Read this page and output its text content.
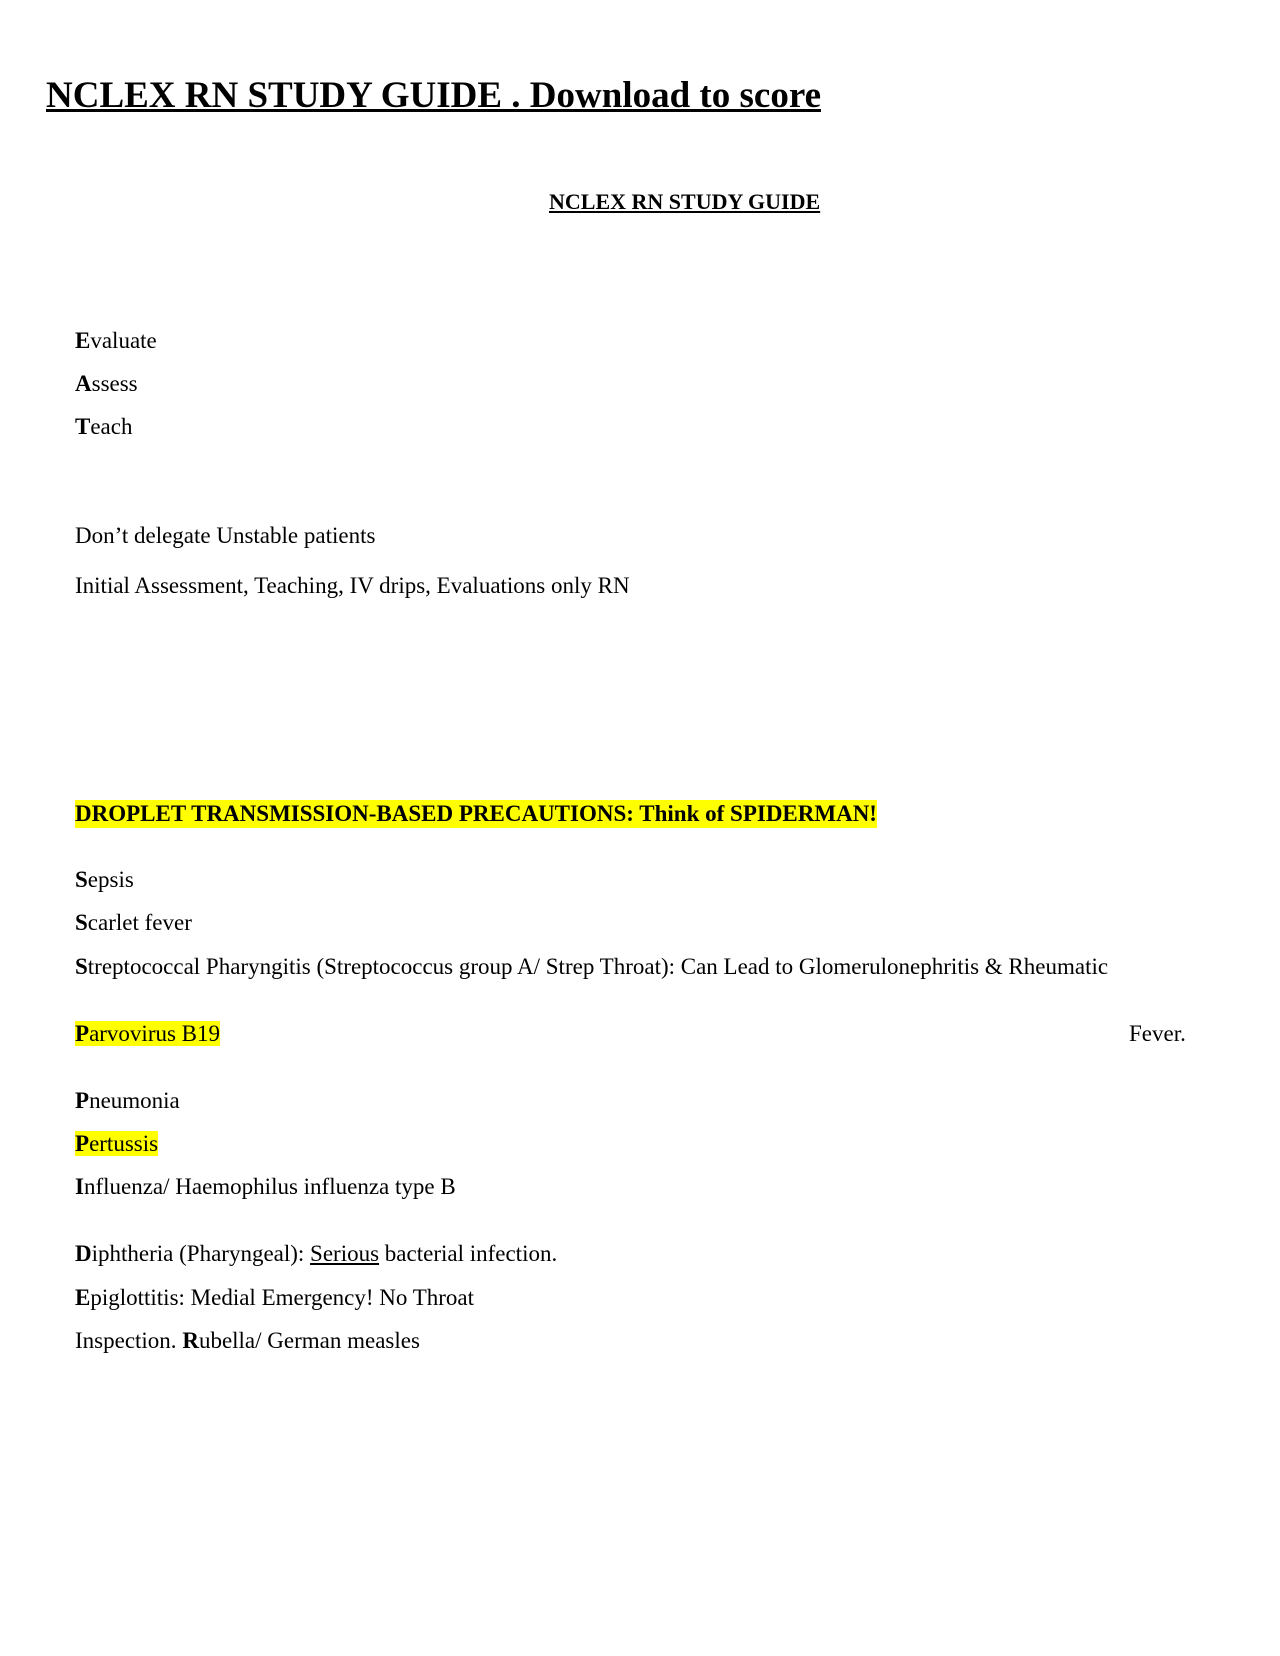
NCLEX RN STUDY GUIDE . Download to score
NCLEX RN STUDY GUIDE
Evaluate
Assess
Teach
Don’t delegate Unstable patients
Initial Assessment, Teaching, IV drips, Evaluations only RN
DROPLET TRANSMISSION-BASED PRECAUTIONS: Think of SPIDERMAN!
Sepsis
Scarlet fever
Streptococcal Pharyngitis (Streptococcus group A/ Strep Throat): Can Lead to Glomerulonephritis & Rheumatic
Parvovirus B19	Fever.
Pneumonia
Pertussis
Influenza/ Haemophilus influenza type B
Diphtheria (Pharyngeal): Serious bacterial infection.
Epiglottitis: Medial Emergency! No Throat
Inspection. Rubella/ German measles
